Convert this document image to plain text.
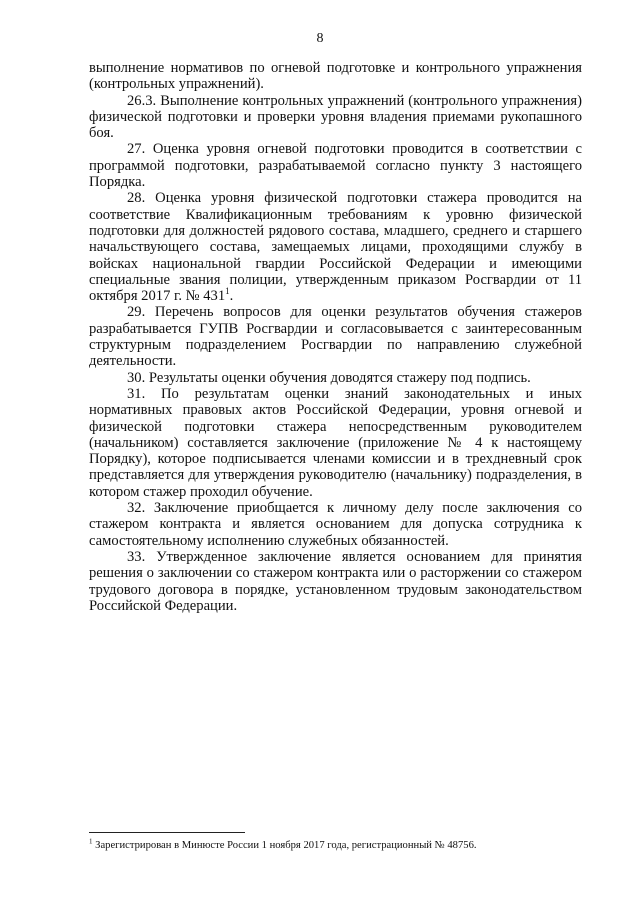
8

выполнение нормативов по огневой подготовке и контрольного упражнения (контрольных упражнений).

26.3. Выполнение контрольных упражнений (контрольного упражнения) физической подготовки и проверки уровня владения приемами рукопашного боя.

27. Оценка уровня огневой подготовки проводится в соответствии с программой подготовки, разрабатываемой согласно пункту 3 настоящего Порядка.

28. Оценка уровня физической подготовки стажера проводится на соответствие Квалификационным требованиям к уровню физической подготовки для должностей рядового состава, младшего, среднего и старшего начальствующего состава, замещаемых лицами, проходящими службу в войсках национальной гвардии Российской Федерации и имеющими специальные звания полиции, утвержденным приказом Росгвардии от 11 октября 2017 г. № $431^1$.

29. Перечень вопросов для оценки результатов обучения стажеров разрабатывается ГУПВ Росгвардии и согласовывается с заинтересованным структурным подразделением Росгвардии по направлению служебной деятельности.

30. Результаты оценки обучения доводятся стажеру под подпись.

31. По результатам оценки знаний законодательных и иных нормативных правовых актов Российской Федерации, уровня огневой и физической подготовки стажера непосредственным руководителем (начальником) составляется заключение (приложение № 4 к настоящему Порядку), которое подписывается членами комиссии и в трехдневный срок представляется для утверждения руководителю (начальнику) подразделения, в котором стажер проходил обучение.

32. Заключение приобщается к личному делу после заключения со стажером контракта и является основанием для допуска сотрудника к самостоятельному исполнению служебных обязанностей.

33. Утвержденное заключение является основанием для принятия решения о заключении со стажером контракта или о расторжении со стажером трудового договора в порядке, установленном трудовым законодательством Российской Федерации.

$^1$ Зарегистрирован в Минюсте России 1 ноября 2017 года, регистрационный № 48756.
